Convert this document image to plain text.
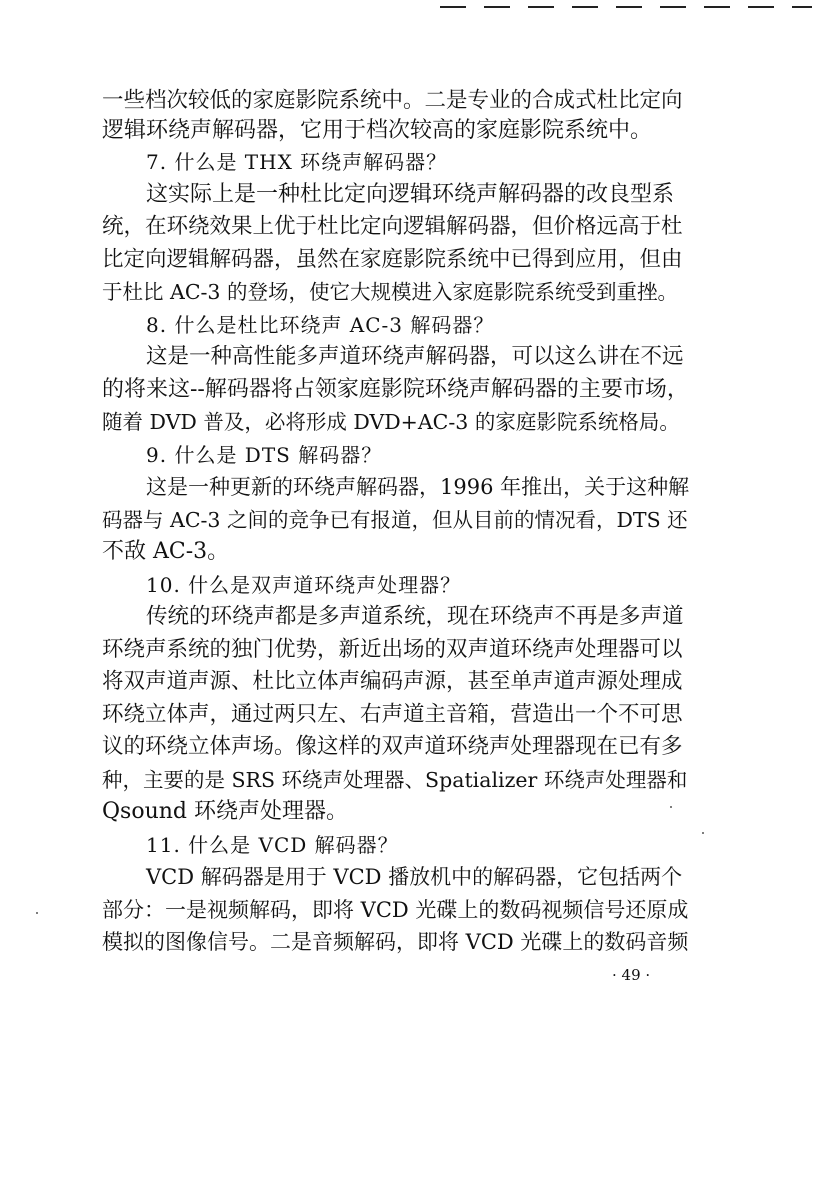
一些档次较低的家庭影院系统中。二是专业的合成式杜比定向
逻辑环绕声解码器，它用于档次较高的家庭影院系统中。
7. 什么是 THX 环绕声解码器？
这实际上是一种杜比定向逻辑环绕声解码器的改良型系
统，在环绕效果上优于杜比定向逻辑解码器，但价格远高于杜
比定向逻辑解码器，虽然在家庭影院系统中已得到应用，但由
于杜比 AC-3 的登场，使它大规模进入家庭影院系统受到重挫。
8. 什么是杜比环绕声 AC-3 解码器？
这是一种高性能多声道环绕声解码器，可以这么讲在不远
的将来这--解码器将占领家庭影院环绕声解码器的主要市场，
随着 DVD 普及，必将形成 DVD+AC-3 的家庭影院系统格局。
9. 什么是 DTS 解码器？
这是一种更新的环绕声解码器，1996 年推出，关于这种解
码器与 AC-3 之间的竞争已有报道，但从目前的情况看，DTS 还
不敌 AC-3。
10. 什么是双声道环绕声处理器？
传统的环绕声都是多声道系统，现在环绕声不再是多声道
环绕声系统的独门优势，新近出场的双声道环绕声处理器可以
将双声道声源、杜比立体声编码声源，甚至单声道声源处理成
环绕立体声，通过两只左、右声道主音箱，营造出一个不可思
议的环绕立体声场。像这样的双声道环绕声处理器现在已有多
种，主要的是 SRS 环绕声处理器、Spatializer 环绕声处理器和
Qsound 环绕声处理器。
11. 什么是 VCD 解码器？
VCD 解码器是用于 VCD 播放机中的解码器，它包括两个
部分：一是视频解码，即将 VCD 光碟上的数码视频信号还原成
模拟的图像信号。二是音频解码，即将 VCD 光碟上的数码音频
· 49 ·
